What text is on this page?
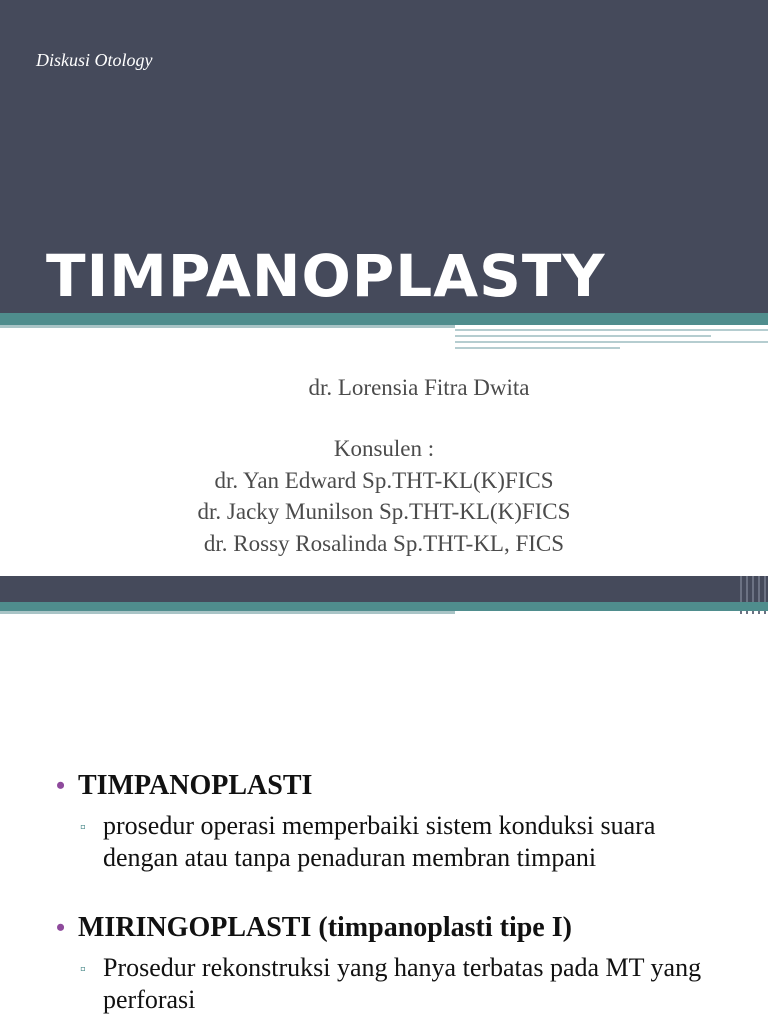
Diskusi Otology
TIMPANOPLASTY
dr. Lorensia Fitra Dwita
Konsulen :
dr. Yan Edward Sp.THT-KL(K)FICS
dr. Jacky Munilson Sp.THT-KL(K)FICS
dr. Rossy Rosalinda Sp.THT-KL, FICS
• TIMPANOPLASTI
▫ prosedur operasi memperbaiki sistem konduksi suara dengan atau tanpa penaduran membran timpani
• MIRINGOPLASTI (timpanoplasti tipe I)
▫ Prosedur rekonstruksi yang hanya terbatas pada MT yang perforasi
